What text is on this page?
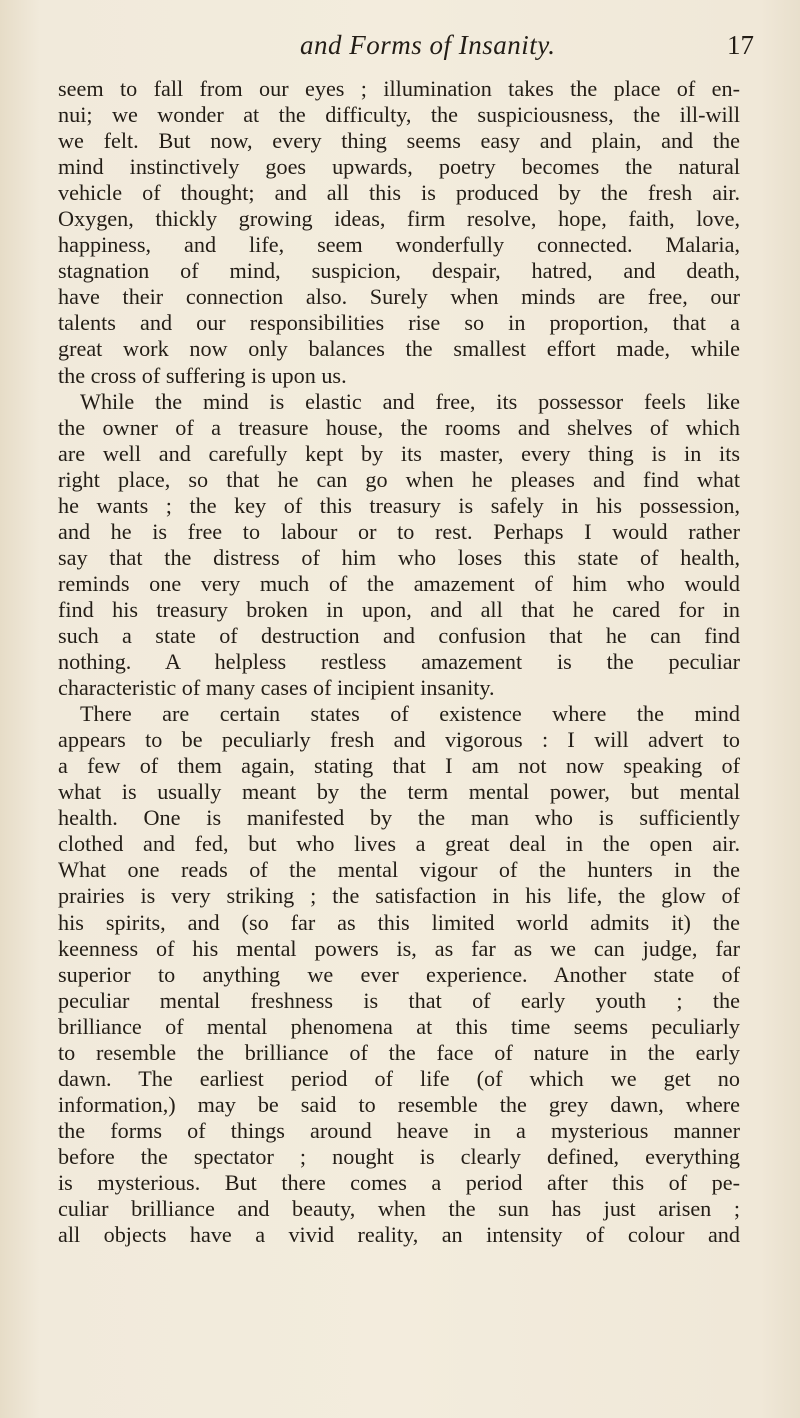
and Forms of Insanity.	17
seem to fall from our eyes ; illumination takes the place of en-
nui; we wonder at the difficulty, the suspiciousness, the ill-will
we felt. But now, every thing seems easy and plain, and the
mind instinctively goes upwards, poetry becomes the natural
vehicle of thought; and all this is produced by the fresh air.
Oxygen, thickly growing ideas, firm resolve, hope, faith, love,
happiness, and life, seem wonderfully connected. Malaria,
stagnation of mind, suspicion, despair, hatred, and death,
have their connection also. Surely when minds are free, our
talents and our responsibilities rise so in proportion, that a
great work now only balances the smallest effort made, while
the cross of suffering is upon us.
While the mind is elastic and free, its possessor feels like
the owner of a treasure house, the rooms and shelves of which
are well and carefully kept by its master, every thing is in its
right place, so that he can go when he pleases and find what
he wants ; the key of this treasury is safely in his possession,
and he is free to labour or to rest. Perhaps I would rather
say that the distress of him who loses this state of health,
reminds one very much of the amazement of him who would
find his treasury broken in upon, and all that he cared for in
such a state of destruction and confusion that he can find
nothing. A helpless restless amazement is the peculiar
characteristic of many cases of incipient insanity.
There are certain states of existence where the mind
appears to be peculiarly fresh and vigorous : I will advert to
a few of them again, stating that I am not now speaking of
what is usually meant by the term mental power, but mental
health. One is manifested by the man who is sufficiently
clothed and fed, but who lives a great deal in the open air.
What one reads of the mental vigour of the hunters in the
prairies is very striking ; the satisfaction in his life, the glow of
his spirits, and (so far as this limited world admits it) the
keenness of his mental powers is, as far as we can judge, far
superior to anything we ever experience. Another state of
peculiar mental freshness is that of early youth ; the
brilliance of mental phenomena at this time seems peculiarly
to resemble the brilliance of the face of nature in the early
dawn. The earliest period of life (of which we get no
information,) may be said to resemble the grey dawn, where
the forms of things around heave in a mysterious manner
before the spectator ; nought is clearly defined, everything
is mysterious. But there comes a period after this of pe-
culiar brilliance and beauty, when the sun has just arisen ;
all objects have a vivid reality, an intensity of colour and
